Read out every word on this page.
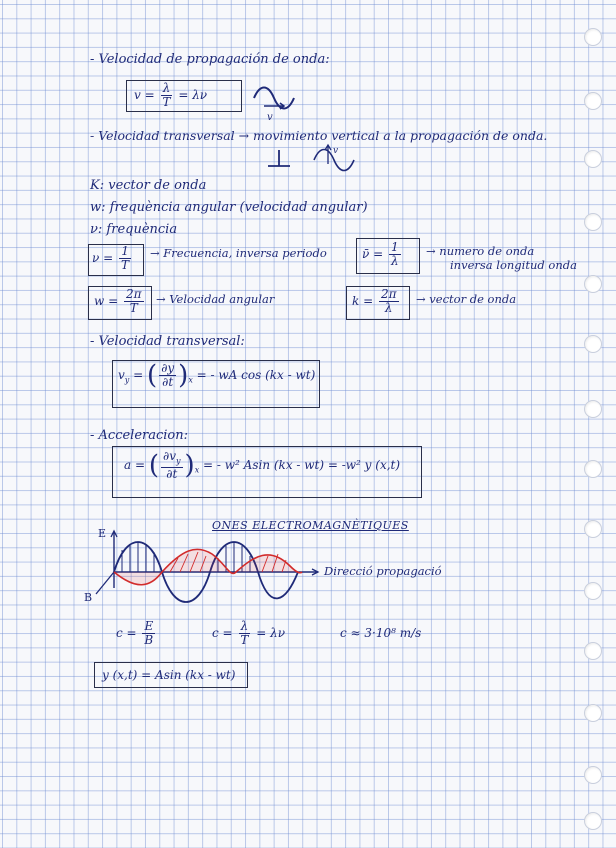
- Velocidad de propagación de onda:
$v = \frac{\lambda}{T} = \lambda\nu$
v
- Velocidad transversal → movimiento vertical a la propagación de onda.
v
K: vector de onda
w: frequència angular (velocidad angular)
ν: frequència
$\nu = \frac{1}{T}$ → Frecuencia, inversa periodo	ν̄ = $\frac{1}{\lambda}$ → numero de onda
inversa longitud onda
$w = \frac{2\pi}{T}$ → Velocidad angular	$k = \frac{2\pi}{\lambda}$ → vector de onda
- Velocidad transversal:
$v_y$ = ( $\frac{\partial y}{\partial t} )_x$ = - wA cos (kx - wt)
- Acceleracion:
a = ( $\frac{\partial v_y}{\partial t} )_x$ = - w² Asin (kx - wt) = -w² y (x,t)
ONES ELECTROMAGNÈTIQUES
E
B
Direcció propagació
$c = \frac{E}{B}$	$c = \frac{\lambda}{T} = \lambda\nu$	c ≈ 3·10⁸ m/s
y (x,t) = Asin (kx - wt)
